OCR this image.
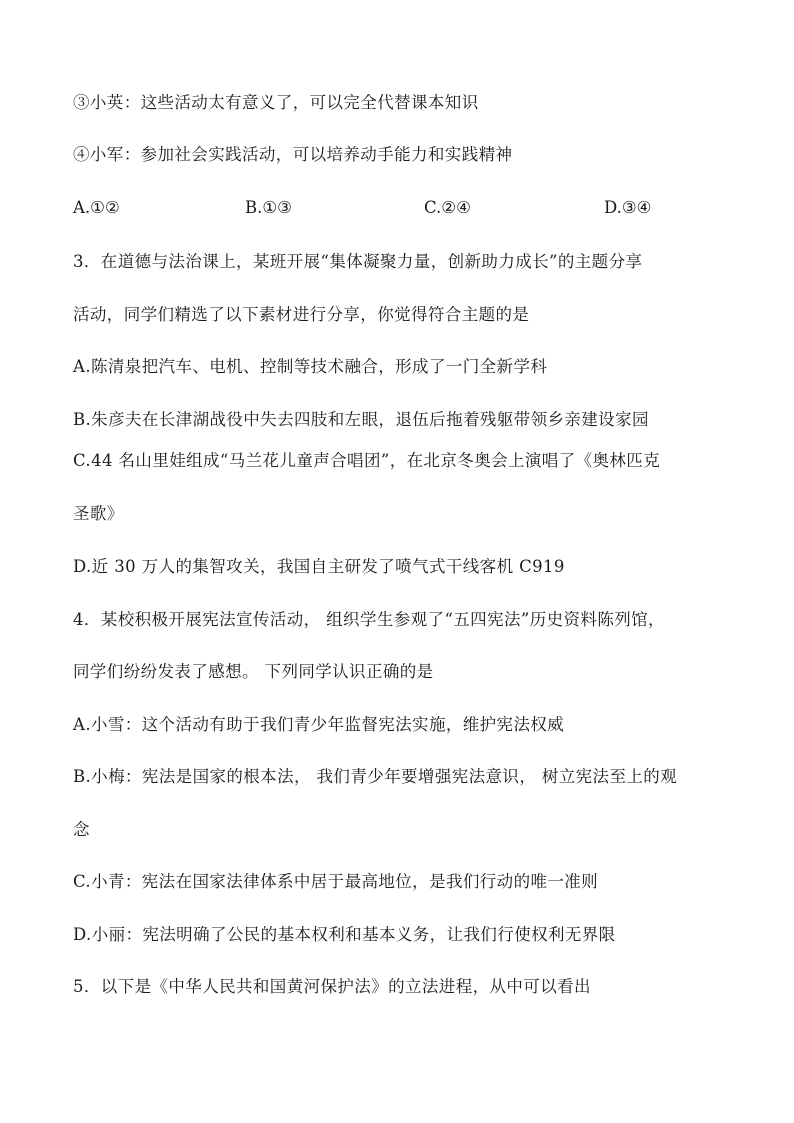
③小英：这些活动太有意义了，可以完全代替课本知识
④小军：参加社会实践活动，可以培养动手能力和实践精神
A.①②	B.①③	C.②④	D.③④
3．在道德与法治课上，某班开展“集体凝聚力量，创新助力成长”的主题分享
活动，同学们精选了以下素材进行分享，你觉得符合主题的是
A.陈清泉把汽车、电机、控制等技术融合，形成了一门全新学科
B.朱彦夫在长津湖战役中失去四肢和左眼，退伍后拖着残躯带领乡亲建设家园
C.44 名山里娃组成“马兰花儿童声合唱团”，在北京冬奥会上演唱了《奥林匹克
圣歌》
D.近 30 万人的集智攻关，我国自主研发了喷气式干线客机 C919
4．某校积极开展宪法宣传活动， 组织学生参观了“五四宪法”历史资料陈列馆，
同学们纷纷发表了感想。 下列同学认识正确的是
A.小雪：这个活动有助于我们青少年监督宪法实施，维护宪法权威
B.小梅：宪法是国家的根本法， 我们青少年要增强宪法意识， 树立宪法至上的观
念
C.小青：宪法在国家法律体系中居于最高地位，是我们行动的唯一准则
D.小丽：宪法明确了公民的基本权利和基本义务，让我们行使权利无界限
5．以下是《中华人民共和国黄河保护法》的立法进程，从中可以看出
